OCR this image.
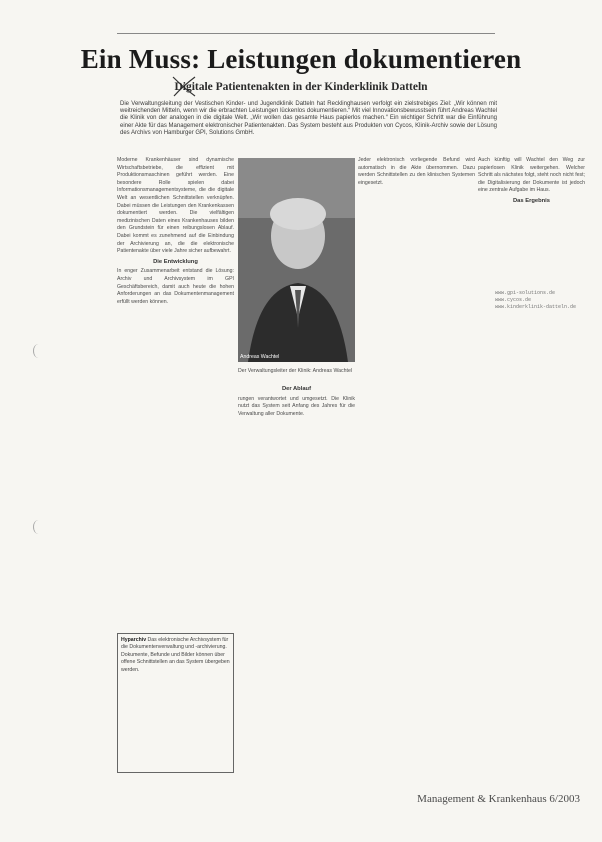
Ein Muss: Leistungen dokumentieren
Digitale Patientenakten in der Kinderklinik Datteln
Die Verwaltungsleitung der Vestischen Kinder- und Jugendklinik Datteln hat Recklinghausen verfolgt ein zielstrebiges Ziel: „Wir können mit weitreichenden Mitteln, wenn wir die erbrachten Leistungen lückenlos dokumentieren.“ Mit viel Innovationsbewusstsein führt Andreas Wachtel die Klinik von der analogen in die digitale Welt. „Wir wollen das gesamte Haus papierlos machen.“ Ein wichtiger Schritt war die Einführung einer Akte für das Management elektronischer Patientenakten. Das System besteht aus Produkten von Cycos, Klinik-Archiv sowie der Lösung des Archivs von Hamburger GPI, Solutions GmbH.

Moderne Krankenhäuser sind dynamische Wirtschaftsbetriebe, die effizient mit Produktionsmaschinen geführt werden. Eine besondere Rolle spielen dabei Informationsmanagementsysteme, die die digitale Welt an wesentlichen Schnittstellen verknüpfen. Dabei müssen die Leistungen den Krankenkassen dokumentiert werden. Die vielfältigen medizinischen Daten eines Krankenhauses bilden den Grundstein für einen reibungslosen Ablauf. Dabei kommt es zunehmend auf die Einbindung der Archivierung an, die die elektronische Patientenakte über viele Jahre sicher aufbewahrt.

Die Entwicklung

In enger Zusammenarbeit entstand die Lösung: Archiv und Archivsystem im GPI Geschäftsbereich, damit auch heute die hohen Anforderungen an das Dokumentenmanagement erfüllt werden können.

Andreas Wachtel
Der Verwaltungsleiter der Klinik: Andreas Wachtel
Der Ablauf

rungen verantwortet und umgesetzt. Die Klinik nutzt das System seit Anfang des Jahres für die Verwaltung aller Dokumente.

Jeder elektronisch vorliegende Befund wird automatisch in die Akte übernommen. Dazu werden Schnittstellen zu den klinischen Systemen eingesetzt.

Auch künftig will Wachtel den Weg zur papierlosen Klinik weitergehen. Welcher Schritt als nächstes folgt, steht noch nicht fest; die Digitalisierung der Dokumente ist jedoch eine zentrale Aufgabe im Haus.

Das Ergebnis
www.gpi-solutions.de
www.cycos.de
www.kinderklinik-datteln.de
Hyparchiv Das elektronische Archivsystem für die Dokumentenverwaltung und -archivierung. Dokumente, Befunde und Bilder können über offene Schnittstellen an das System übergeben werden.
Management & Krankenhaus 6/2003
